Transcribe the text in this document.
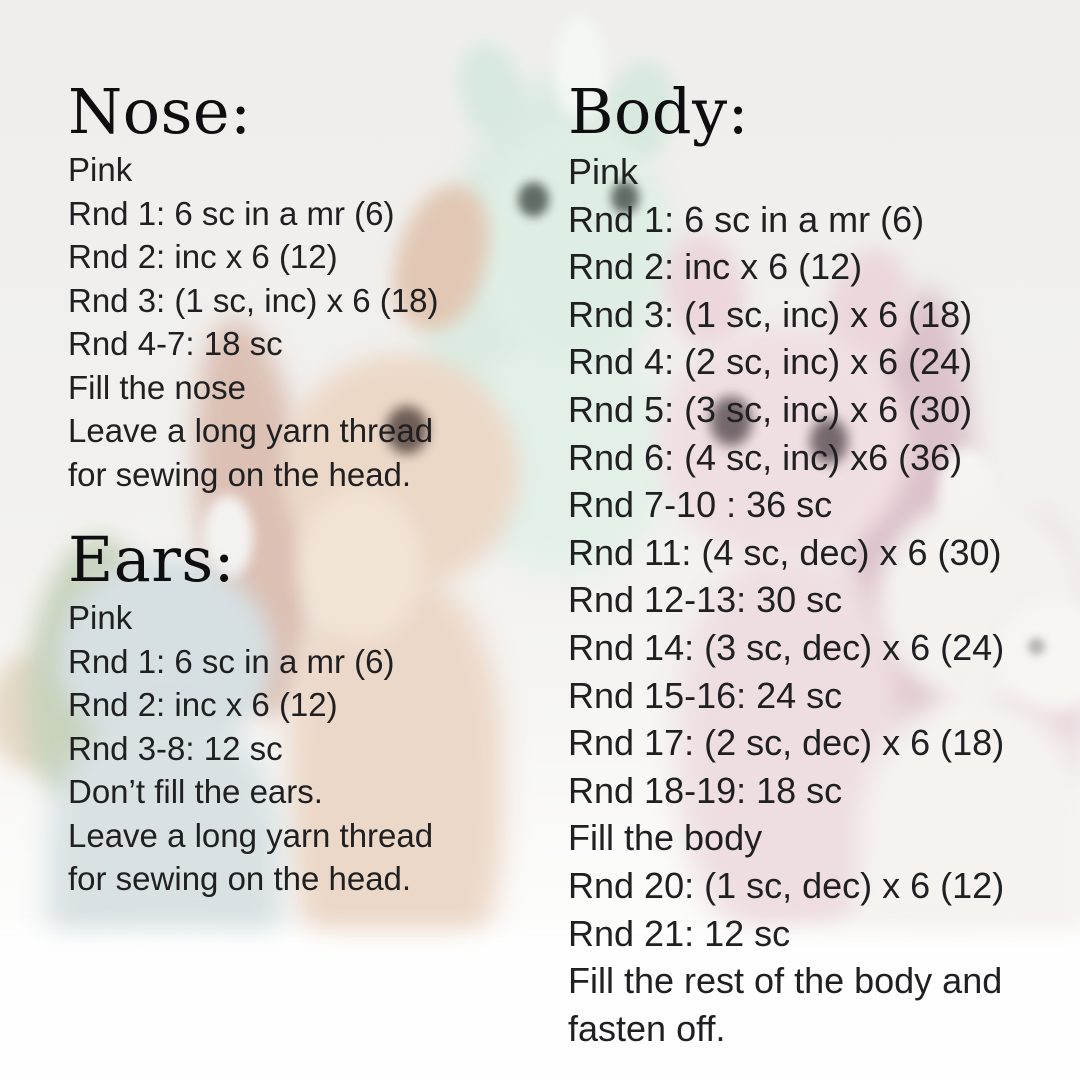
Nose:

Pink

Rnd 1: 6 sc in a mr (6)

Rnd 2: inc x 6 (12)

Rnd 3: (1 sc, inc) x 6 (18)

Rnd 4-7: 18 sc

Fill the nose

Leave a long yarn thread

for sewing on the head.

Ears:

Pink

Rnd 1: 6 sc in a mr (6)

Rnd 2: inc x 6 (12)

Rnd 3-8: 12 sc

Don’t fill the ears.

Leave a long yarn thread

for sewing on the head.

Body:

Pink

Rnd 1: 6 sc in a mr (6)

Rnd 2: inc x 6 (12)

Rnd 3: (1 sc, inc) x 6 (18)

Rnd 4: (2 sc, inc) x 6 (24)

Rnd 5: (3 sc, inc) x 6 (30)

Rnd 6: (4 sc, inc) x6 (36)

Rnd 7-10 : 36 sc

Rnd 11: (4 sc, dec) x 6 (30)

Rnd 12-13: 30 sc

Rnd 14: (3 sc, dec) x 6 (24)

Rnd 15-16: 24 sc

Rnd 17: (2 sc, dec) x 6 (18)

Rnd 18-19: 18 sc

Fill the body

Rnd 20: (1 sc, dec) x 6 (12)

Rnd 21: 12 sc

Fill the rest of the body and

fasten off.
